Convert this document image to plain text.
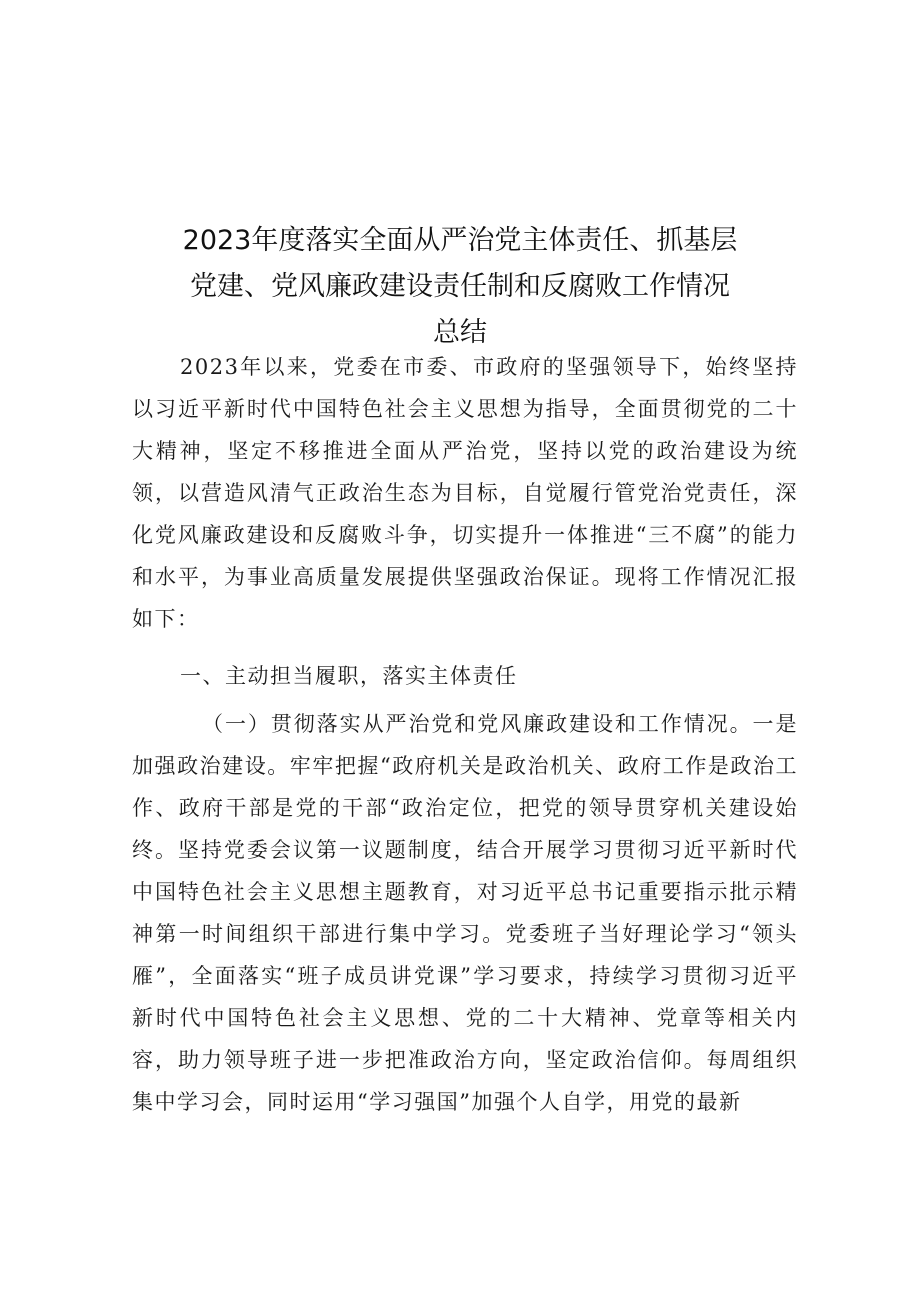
2023年度落实全面从严治党主体责任、抓基层
党建、党风廉政建设责任制和反腐败工作情况
总结

2023年以来，党委在市委、市政府的坚强领导下，始终坚持以习近平新时代中国特色社会主义思想为指导，全面贯彻党的二十大精神，坚定不移推进全面从严治党，坚持以党的政治建设为统领，以营造风清气正政治生态为目标，自觉履行管党治党责任，深化党风廉政建设和反腐败斗争，切实提升一体推进“三不腐”的能力和水平，为事业高质量发展提供坚强政治保证。现将工作情况汇报如下：

一、主动担当履职，落实主体责任

（一）贯彻落实从严治党和党风廉政建设和工作情况。一是加强政治建设。牢牢把握“政府机关是政治机关、政府工作是政治工作、政府干部是党的干部“政治定位，把党的领导贯穿机关建设始终。坚持党委会议第一议题制度，结合开展学习贯彻习近平新时代中国特色社会主义思想主题教育，对习近平总书记重要指示批示精神第一时间组织干部进行集中学习。党委班子当好理论学习“领头雁”，全面落实“班子成员讲党课”学习要求，持续学习贯彻习近平新时代中国特色社会主义思想、党的二十大精神、党章等相关内容，助力领导班子进一步把准政治方向，坚定政治信仰。每周组织集中学习会，同时运用“学习强国”加强个人自学，用党的最新
